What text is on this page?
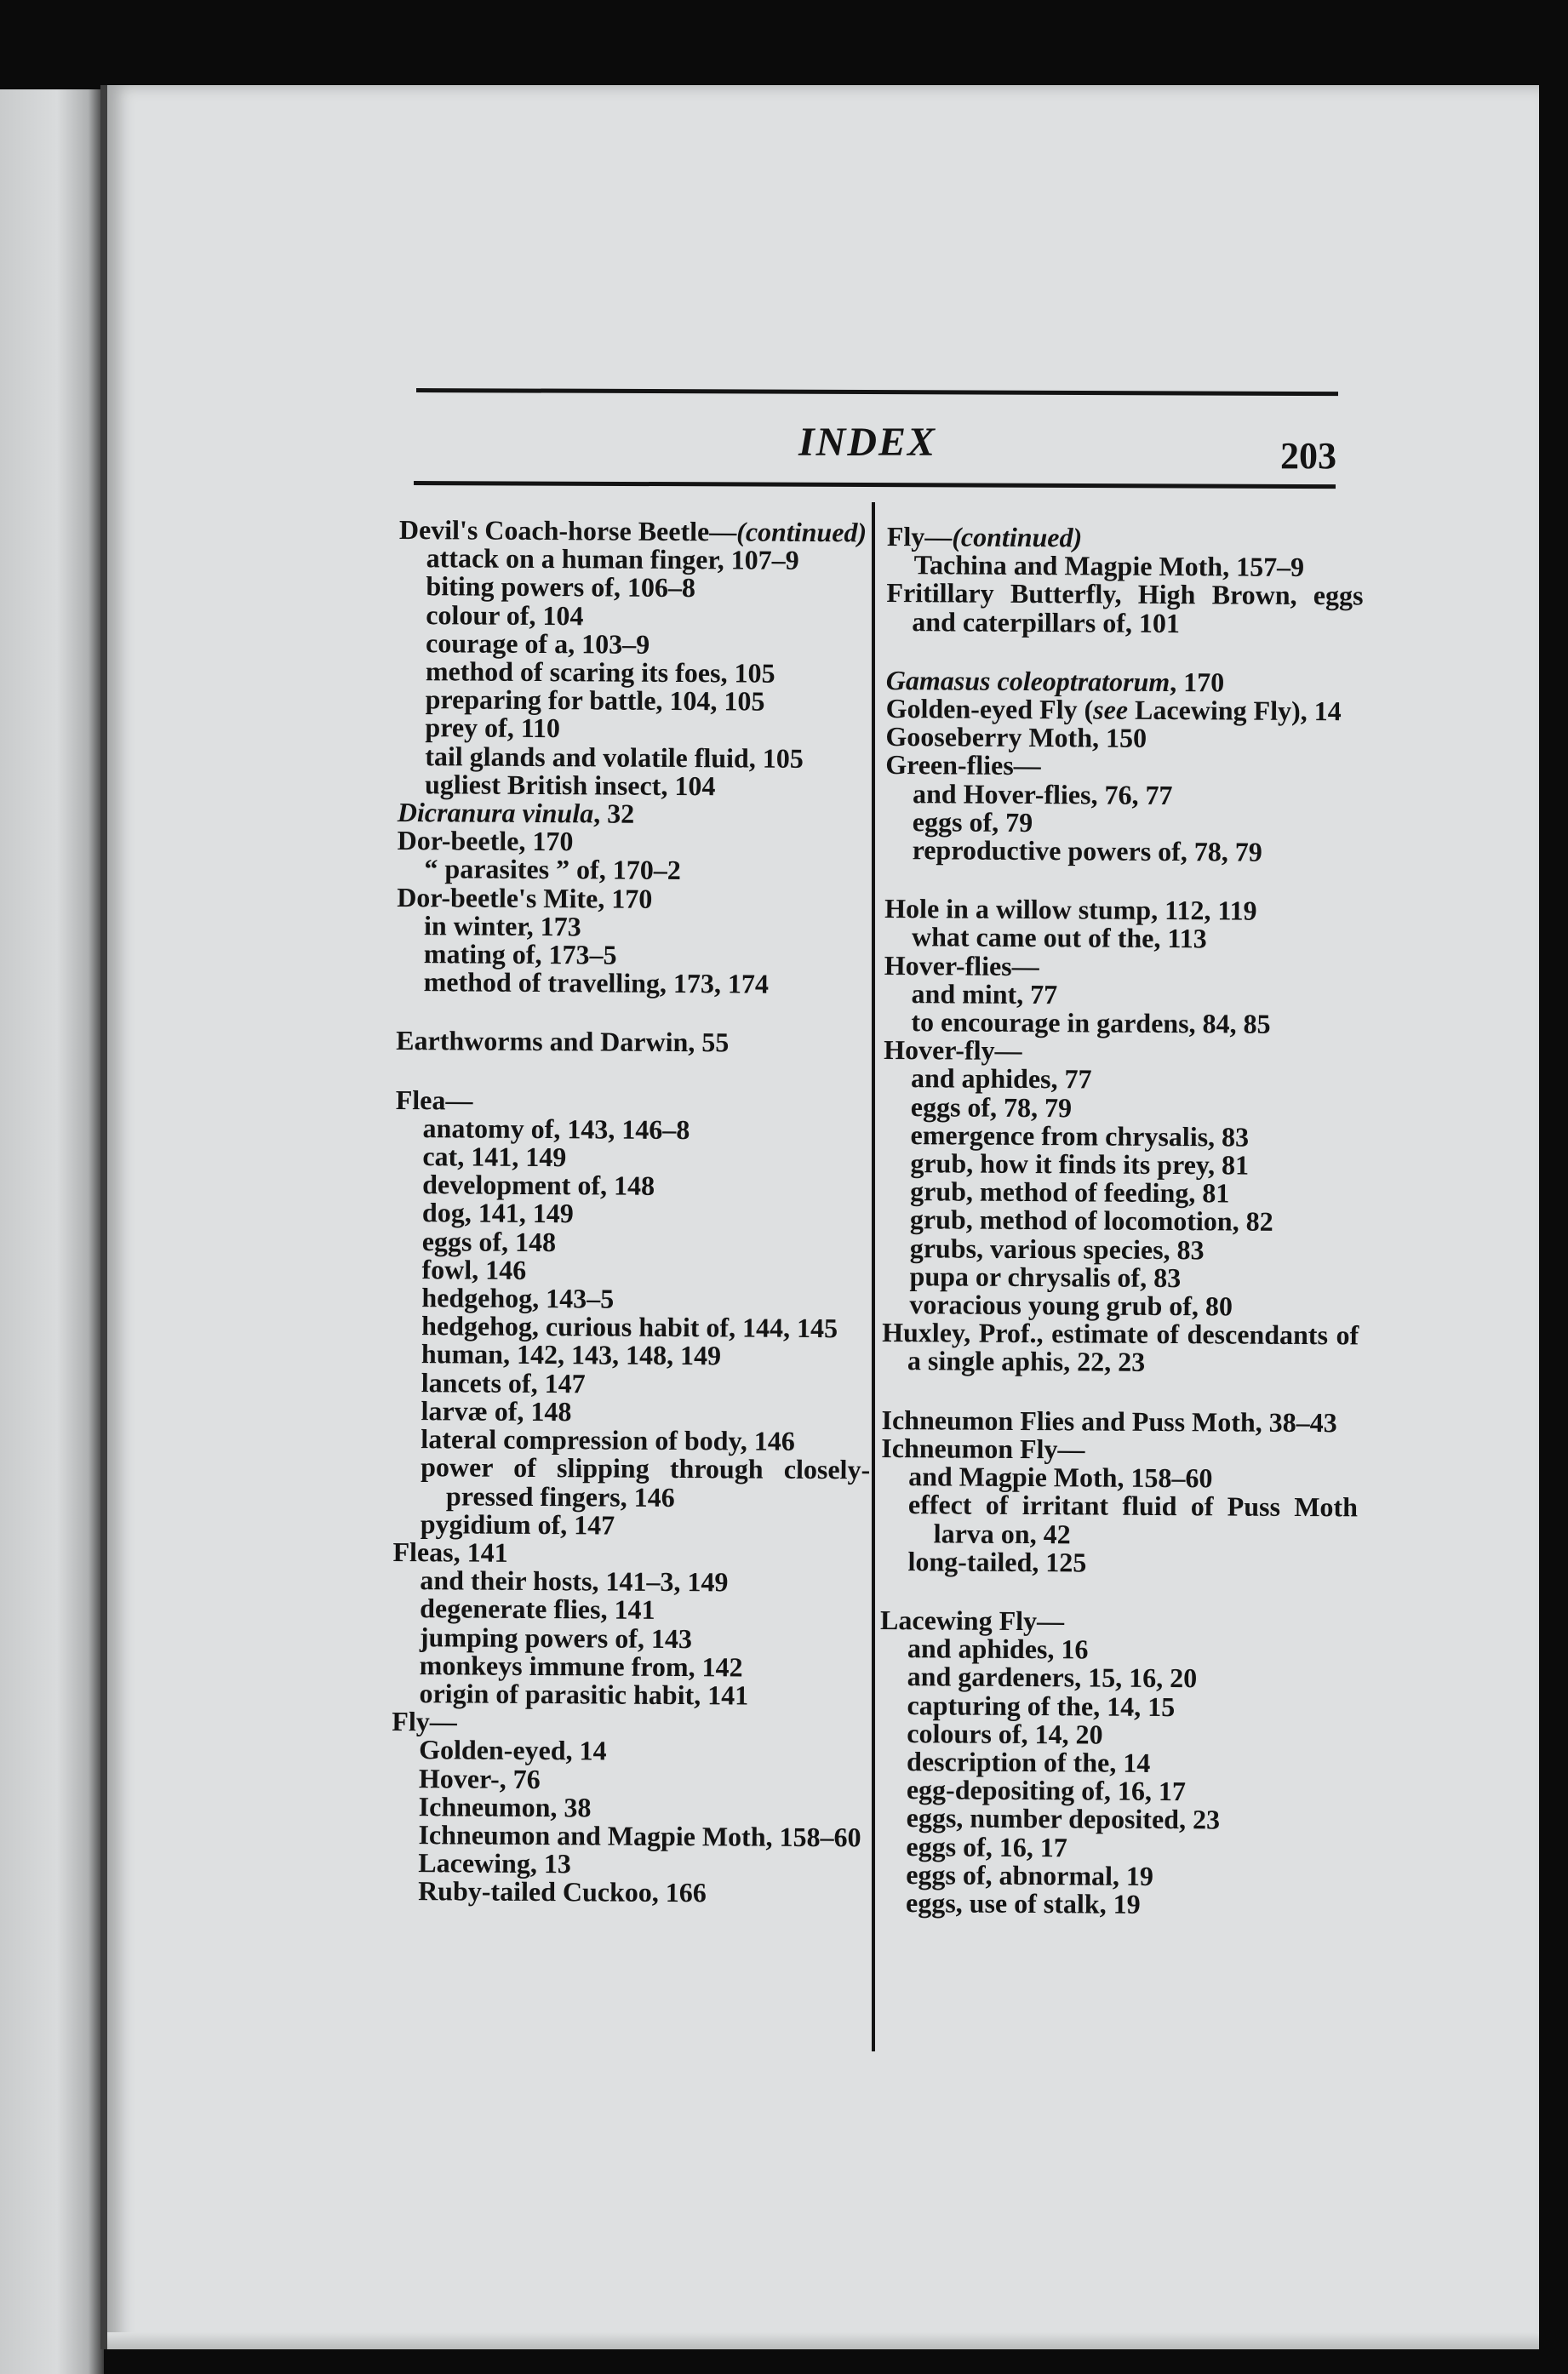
INDEX	203

Devil's Coach-horse Beetle—(continued)

attack on a human finger, 107–9

biting powers of, 106–8

colour of, 104

courage of a, 103–9

method of scaring its foes, 105

preparing for battle, 104, 105

prey of, 110

tail glands and volatile fluid, 105

ugliest British insect, 104

Dicranura vinula, 32

Dor-beetle, 170

“ parasites ” of, 170–2

Dor-beetle's Mite, 170

in winter, 173

mating of, 173–5

method of travelling, 173, 174

Earthworms and Darwin, 55

Flea—

anatomy of, 143, 146–8

cat, 141, 149

development of, 148

dog, 141, 149

eggs of, 148

fowl, 146

hedgehog, 143–5

hedgehog, curious habit of, 144, 145

human, 142, 143, 148, 149

lancets of, 147

larvæ of, 148

lateral compression of body, 146

power of slipping through closely-pressed fingers, 146

pygidium of, 147

Fleas, 141

and their hosts, 141–3, 149

degenerate flies, 141

jumping powers of, 143

monkeys immune from, 142

origin of parasitic habit, 141

Fly—

Golden-eyed, 14

Hover-, 76

Ichneumon, 38

Ichneumon and Magpie Moth, 158–60

Lacewing, 13

Ruby-tailed Cuckoo, 166

Fly—(continued)

Tachina and Magpie Moth, 157–9

Fritillary Butterfly, High Brown, eggs and caterpillars of, 101

Gamasus coleoptratorum, 170

Golden-eyed Fly (see Lacewing Fly), 14

Gooseberry Moth, 150

Green-flies—

and Hover-flies, 76, 77

eggs of, 79

reproductive powers of, 78, 79

Hole in a willow stump, 112, 119

what came out of the, 113

Hover-flies—

and mint, 77

to encourage in gardens, 84, 85

Hover-fly—

and aphides, 77

eggs of, 78, 79

emergence from chrysalis, 83

grub, how it finds its prey, 81

grub, method of feeding, 81

grub, method of locomotion, 82

grubs, various species, 83

pupa or chrysalis of, 83

voracious young grub of, 80

Huxley, Prof., estimate of descendants of a single aphis, 22, 23

Ichneumon Flies and Puss Moth, 38–43

Ichneumon Fly—

and Magpie Moth, 158–60

effect of irritant fluid of Puss Moth larva on, 42

long-tailed, 125

Lacewing Fly—

and aphides, 16

and gardeners, 15, 16, 20

capturing of the, 14, 15

colours of, 14, 20

description of the, 14

egg-depositing of, 16, 17

eggs, number deposited, 23

eggs of, 16, 17

eggs of, abnormal, 19

eggs, use of stalk, 19
